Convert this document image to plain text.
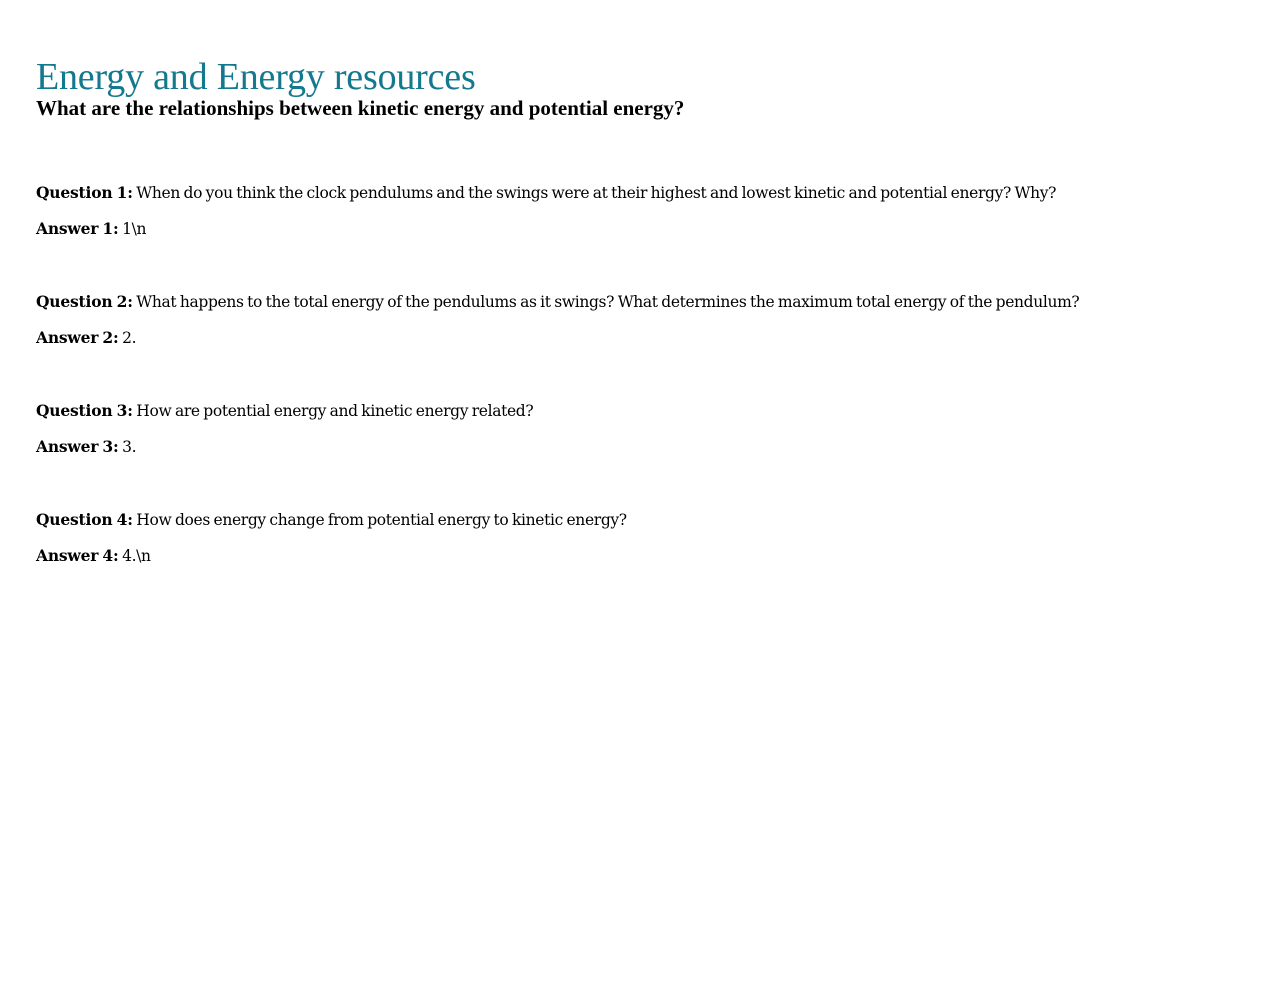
Energy and Energy resources
What are the relationships between kinetic energy and potential energy?
Question 1: When do you think the clock pendulums and the swings were at their highest and lowest kinetic and potential energy? Why?
Answer 1: 1\n
Question 2: What happens to the total energy of the pendulums as it swings? What determines the maximum total energy of the pendulum?
Answer 2: 2.
Question 3: How are potential energy and kinetic energy related?
Answer 3: 3.
Question 4: How does energy change from potential energy to kinetic energy?
Answer 4: 4.\n
